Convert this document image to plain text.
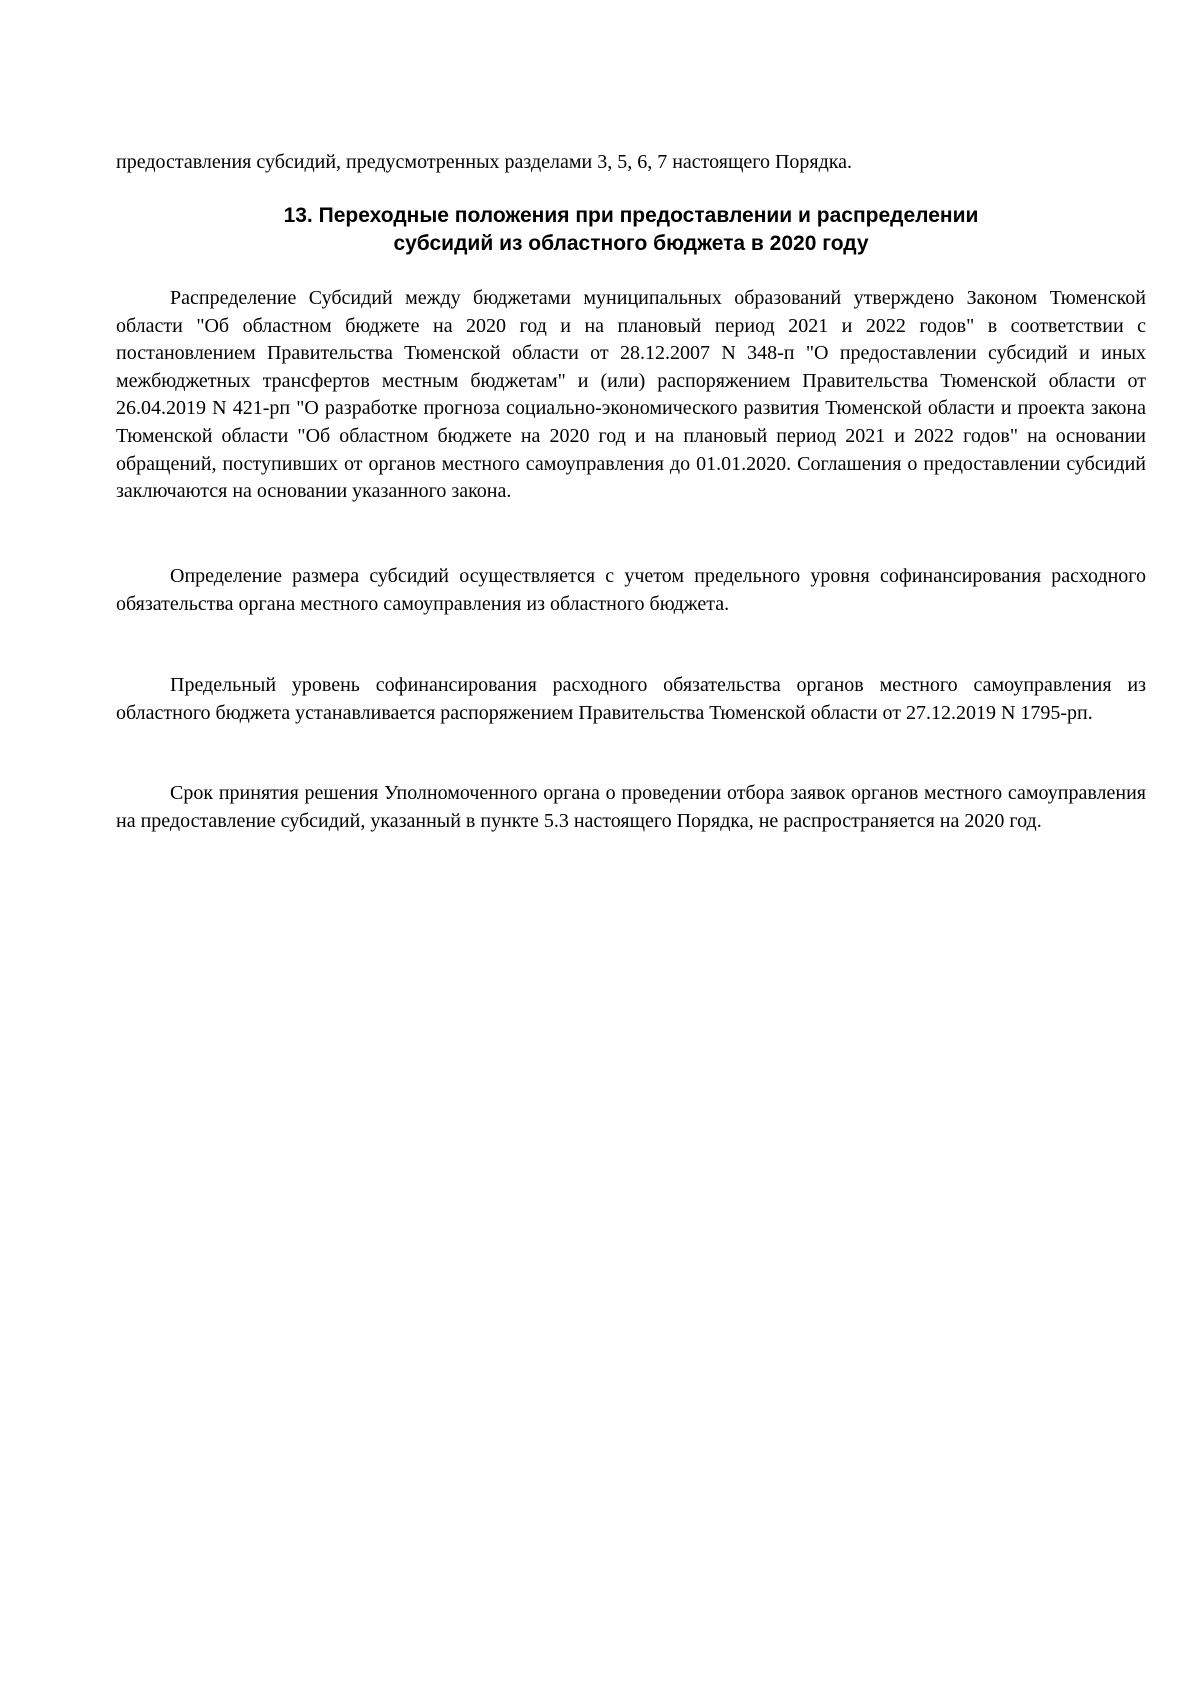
предоставления субсидий, предусмотренных разделами 3, 5, 6, 7 настоящего Порядка.
13. Переходные положения при предоставлении и распределении
субсидий из областного бюджета в 2020 году

Распределение Субсидий между бюджетами муниципальных образований утверждено Законом Тюменской области "Об областном бюджете на 2020 год и на плановый период 2021 и 2022 годов" в соответствии с постановлением Правительства Тюменской области от 28.12.2007 N 348-п "О предоставлении субсидий и иных межбюджетных трансфертов местным бюджетам" и (или) распоряжением Правительства Тюменской области от 26.04.2019 N 421-рп "О разработке прогноза социально-экономического развития Тюменской области и проекта закона Тюменской области "Об областном бюджете на 2020 год и на плановый период 2021 и 2022 годов" на основании обращений, поступивших от органов местного самоуправления до 01.01.2020. Соглашения о предоставлении субсидий заключаются на основании указанного закона.

Определение размера субсидий осуществляется с учетом предельного уровня софинансирования расходного обязательства органа местного самоуправления из областного бюджета.

Предельный уровень софинансирования расходного обязательства органов местного самоуправления из областного бюджета устанавливается распоряжением Правительства Тюменской области от 27.12.2019 N 1795-рп.

Срок принятия решения Уполномоченного органа о проведении отбора заявок органов местного самоуправления на предоставление субсидий, указанный в пункте 5.3 настоящего Порядка, не распространяется на 2020 год.
